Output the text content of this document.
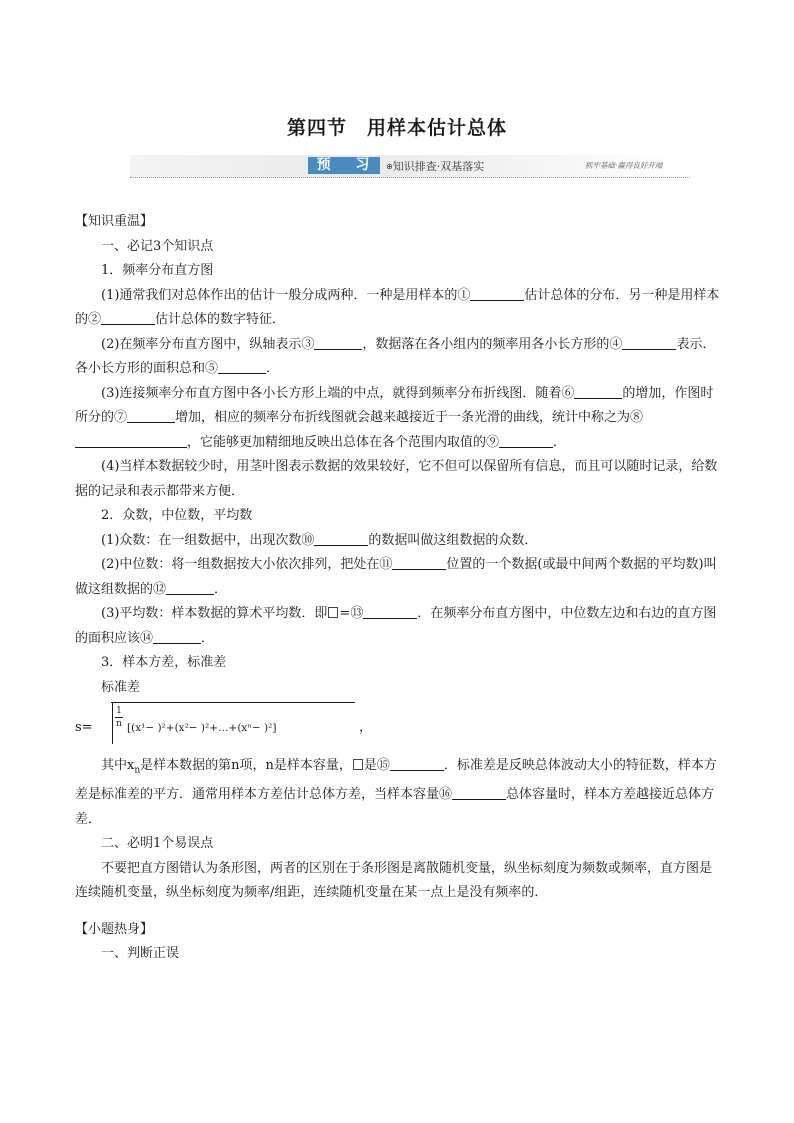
第四节　用样本估计总体
预 习 ⊕知识排查·双基落实	抓牢基础·赢得良好开端

【知识重温】

一、必记3个知识点

1．频率分布直方图

(1)通常我们对总体作出的估计一般分成两种．一种是用样本的①	估计总体的分布．另一种是用样本的②	估计总体的数字特征．

(2)在频率分布直方图中，纵轴表示③	，数据落在各小组内的频率用各小长方形的④	表示．各小长方形的面积总和⑤	．

(3)连接频率分布直方图中各小长方形上端的中点，就得到频率分布折线图．随着⑥	的增加，作图时所分的⑦	增加，相应的频率分布折线图就会越来越接近于一条光滑的曲线，统计中称之为⑧，它能够更加精细地反映出总体在各个范围内取值的⑨	．

(4)当样本数据较少时，用茎叶图表示数据的效果较好，它不但可以保留所有信息，而且可以随时记录，给数据的记录和表示都带来方便．

2．众数，中位数，平均数

(1)众数：在一组数据中，出现次数⑩	的数据叫做这组数据的众数．

(2)中位数：将一组数据按大小依次排列，把处在⑪	位置的一个数据(或最中间两个数据的平均数)叫做这组数据的⑫	．

(3)平均数：样本数据的算术平均数．即 =⑬	．在频率分布直方图中，中位数左边和右边的直方图的面积应该⑭	．

3．样本方差，标准差

标准差

s=
1
n [(x¹− )²+(x²− )²+…+(xⁿ− )²]	，

其中$x_n$是样本数据的第n项，n是样本容量， 是⑮	．标准差是反映总体波动大小的特征数，样本方差是标准差的平方．通常用样本方差估计总体方差，当样本容量⑯	总体容量时，样本方差越接近总体方差．

二、必明1个易误点

不要把直方图错认为条形图，两者的区别在于条形图是离散随机变量，纵坐标刻度为频数或频率，直方图是连续随机变量，纵坐标刻度为频率/组距，连续随机变量在某一点上是没有频率的．

【小题热身】

一、判断正误
